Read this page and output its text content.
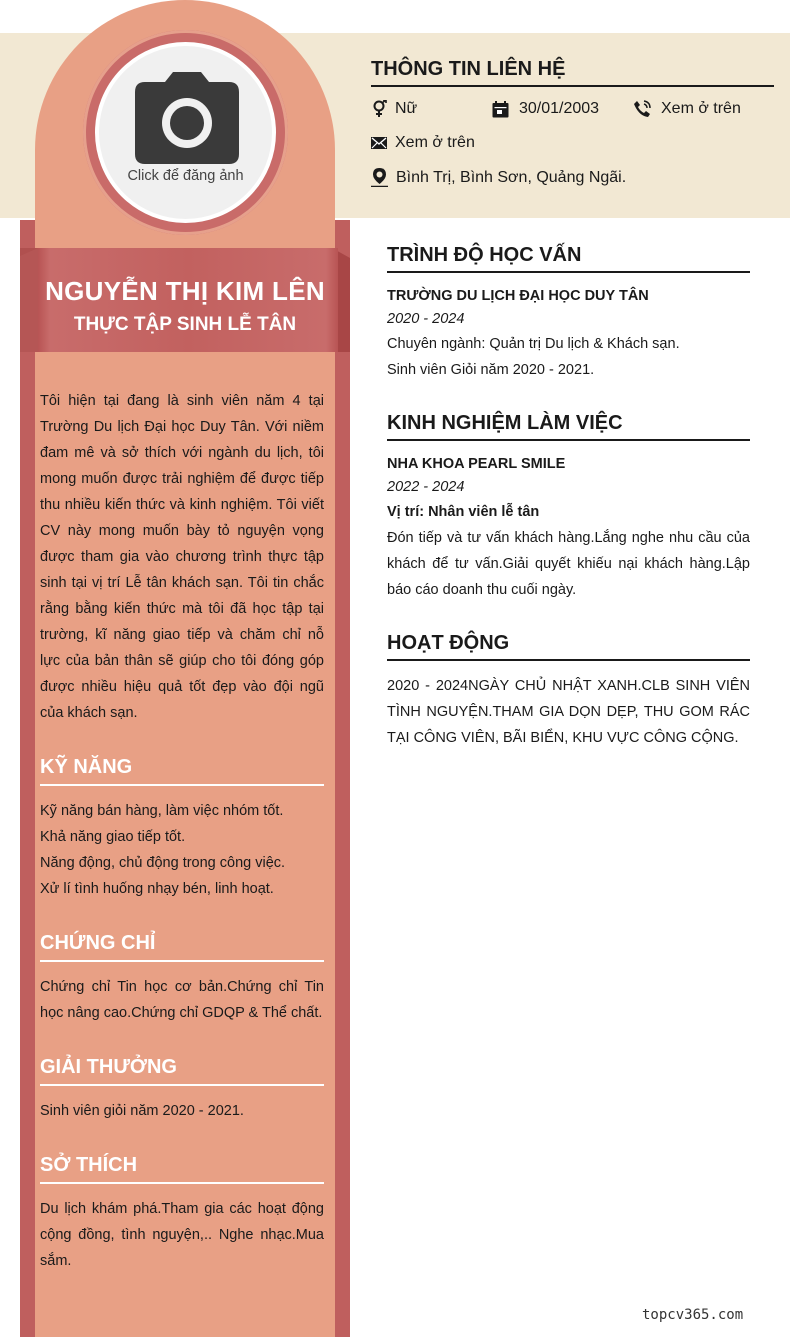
Click để đăng ảnh
NGUYỄN THỊ KIM LÊN
THỰC TẬP SINH LỄ TÂN

Tôi hiện tại đang là sinh viên năm 4 tại Trường Du lịch Đại học Duy Tân. Với niềm đam mê và sở thích với ngành du lịch, tôi mong muốn được trải nghiệm để được tiếp thu nhiều kiến thức và kinh nghiệm. Tôi viết CV này mong muốn bày tỏ nguyện vọng được tham gia vào chương trình thực tập sinh tại vị trí Lễ tân khách sạn. Tôi tin chắc rằng bằng kiến thức mà tôi đã học tập tại trường, kĩ năng giao tiếp và chăm chỉ nỗ lực của bản thân sẽ giúp cho tôi đóng góp được nhiều hiệu quả tốt đẹp vào đội ngũ của khách sạn.

KỸ NĂNG

Kỹ năng bán hàng, làm việc nhóm tốt.

Khả năng giao tiếp tốt.

Năng động, chủ động trong công việc.

Xử lí tình huống nhạy bén, linh hoạt.

CHỨNG CHỈ

Chứng chỉ Tin học cơ bản.Chứng chỉ Tin học nâng cao.Chứng chỉ GDQP & Thể chất.

GIẢI THƯỞNG

Sinh viên giỏi năm 2020 - 2021.

SỞ THÍCH

Du lịch khám phá.Tham gia các hoạt động cộng đồng, tình nguyện,.. Nghe nhạc.Mua sắm.

THÔNG TIN LIÊN HỆ
Nữ	30/01/2003	Xem ở trên
Xem ở trên
Bình Trị, Bình Sơn, Quảng Ngãi.
TRÌNH ĐỘ HỌC VẤN
TRƯỜNG DU LỊCH ĐẠI HỌC DUY TÂN
2020 - 2024
Chuyên ngành: Quản trị Du lịch & Khách sạn.
Sinh viên Giỏi năm 2020 - 2021.
KINH NGHIỆM LÀM VIỆC
NHA KHOA PEARL SMILE
2022 - 2024
Vị trí: Nhân viên lễ tân
Đón tiếp và tư vấn khách hàng.Lắng nghe nhu cầu của khách để tư vấn.Giải quyết khiếu nại khách hàng.Lập báo cáo doanh thu cuối ngày.
HOẠT ĐỘNG
2020 - 2024NGÀY CHỦ NHẬT XANH.CLB SINH VIÊN TÌNH NGUYỆN.THAM GIA DỌN DẸP, THU GOM RÁC TẠI CÔNG VIÊN, BÃI BIỂN, KHU VỰC CÔNG CỘNG.
topcv365.com
